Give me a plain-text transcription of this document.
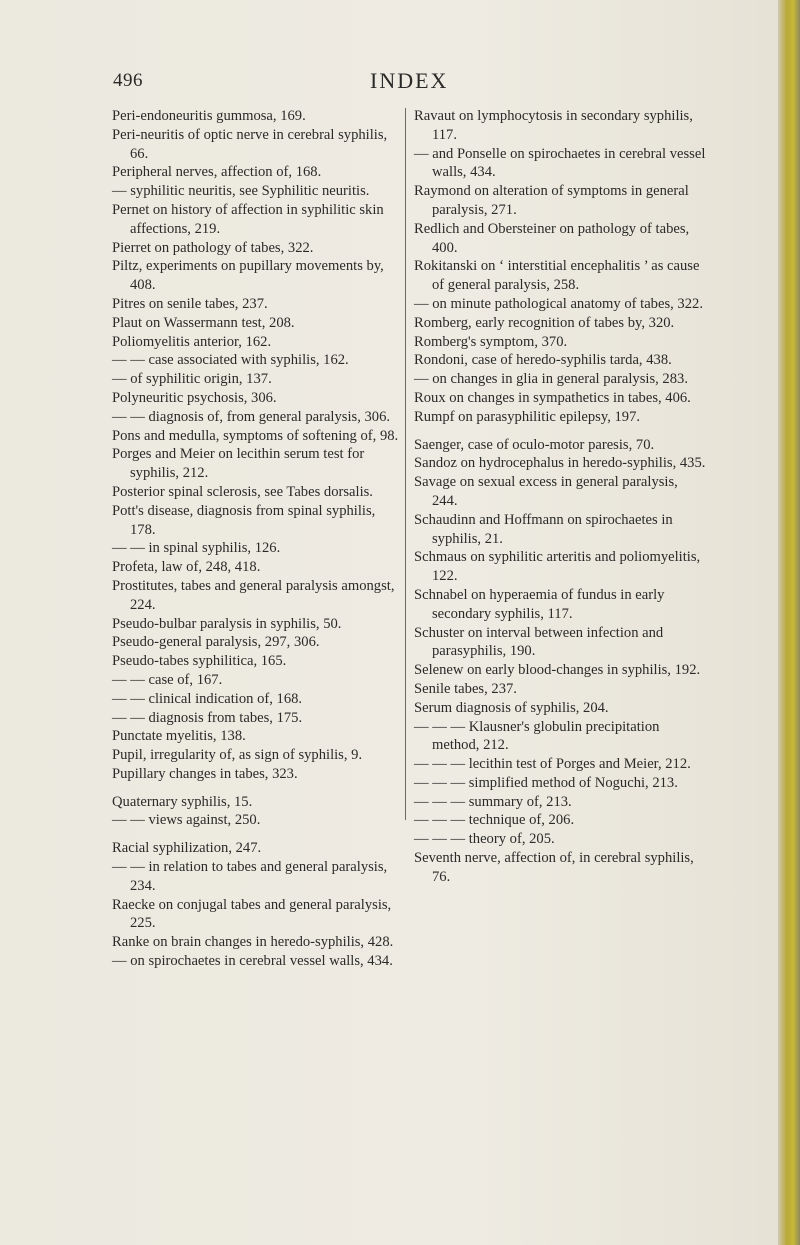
496	INDEX

Peri-endoneuritis gummosa, 169.

Peri-neuritis of optic nerve in cerebral syphilis, 66.

Peripheral nerves, affection of, 168.

— syphilitic neuritis, see Syphilitic neuritis.

Pernet on history of affection in syphilitic skin affections, 219.

Pierret on pathology of tabes, 322.

Piltz, experiments on pupillary movements by, 408.

Pitres on senile tabes, 237.

Plaut on Wassermann test, 208.

Poliomyelitis anterior, 162.

— — case associated with syphilis, 162.

— of syphilitic origin, 137.

Polyneuritic psychosis, 306.

— — diagnosis of, from general paralysis, 306.

Pons and medulla, symptoms of softening of, 98.

Porges and Meier on lecithin serum test for syphilis, 212.

Posterior spinal sclerosis, see Tabes dorsalis.

Pott's disease, diagnosis from spinal syphilis, 178.

— — in spinal syphilis, 126.

Profeta, law of, 248, 418.

Prostitutes, tabes and general paralysis amongst, 224.

Pseudo-bulbar paralysis in syphilis, 50.

Pseudo-general paralysis, 297, 306.

Pseudo-tabes syphilitica, 165.

— — case of, 167.

— — clinical indication of, 168.

— — diagnosis from tabes, 175.

Punctate myelitis, 138.

Pupil, irregularity of, as sign of syphilis, 9.

Pupillary changes in tabes, 323.

Quaternary syphilis, 15.

— — views against, 250.

Racial syphilization, 247.

— — in relation to tabes and general paralysis, 234.

Raecke on conjugal tabes and general paralysis, 225.

Ranke on brain changes in heredo-syphilis, 428.

— on spirochaetes in cerebral vessel walls, 434.

Ravaut on lymphocytosis in secondary syphilis, 117.

— and Ponselle on spirochaetes in cerebral vessel walls, 434.

Raymond on alteration of symptoms in general paralysis, 271.

Redlich and Obersteiner on pathology of tabes, 400.

Rokitanski on ‘ interstitial encephalitis ’ as cause of general paralysis, 258.

— on minute pathological anatomy of tabes, 322.

Romberg, early recognition of tabes by, 320.

Romberg's symptom, 370.

Rondoni, case of heredo-syphilis tarda, 438.

— on changes in glia in general paralysis, 283.

Roux on changes in sympathetics in tabes, 406.

Rumpf on parasyphilitic epilepsy, 197.

Saenger, case of oculo-motor paresis, 70.

Sandoz on hydrocephalus in heredo-syphilis, 435.

Savage on sexual excess in general paralysis, 244.

Schaudinn and Hoffmann on spirochaetes in syphilis, 21.

Schmaus on syphilitic arteritis and poliomyelitis, 122.

Schnabel on hyperaemia of fundus in early secondary syphilis, 117.

Schuster on interval between infection and parasyphilis, 190.

Selenew on early blood-changes in syphilis, 192.

Senile tabes, 237.

Serum diagnosis of syphilis, 204.

— — — Klausner's globulin precipitation method, 212.

— — — lecithin test of Porges and Meier, 212.

— — — simplified method of Noguchi, 213.

— — — summary of, 213.

— — — technique of, 206.

— — — theory of, 205.

Seventh nerve, affection of, in cerebral syphilis, 76.
